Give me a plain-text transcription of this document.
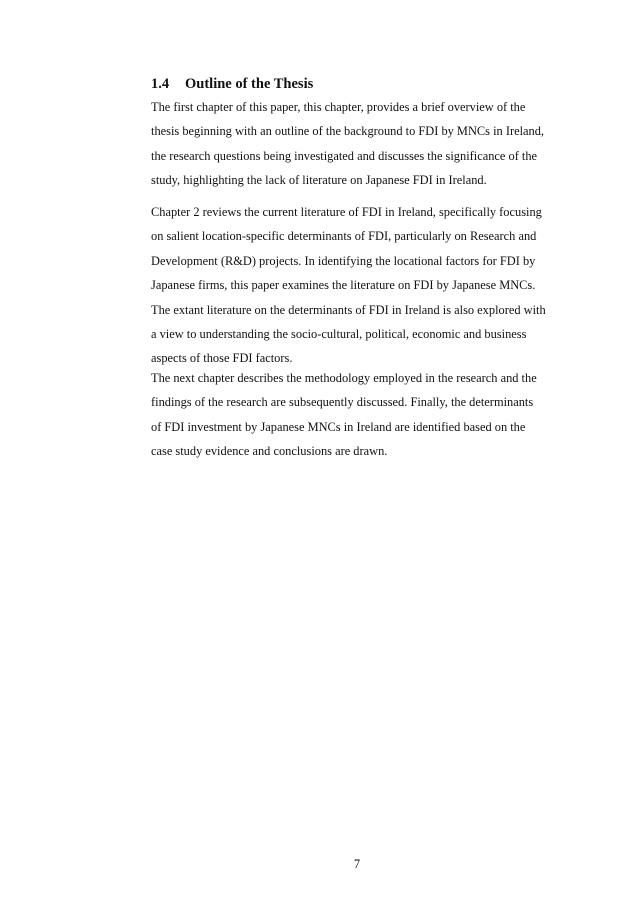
1.4 Outline of the Thesis

The first chapter of this paper, this chapter, provides a brief overview of the
thesis beginning with an outline of the background to FDI by MNCs in Ireland,
the research questions being investigated and discusses the significance of the
study, highlighting the lack of literature on Japanese FDI in Ireland.

Chapter 2 reviews the current literature of FDI in Ireland, specifically focusing
on salient location-specific determinants of FDI, particularly on Research and
Development (R&D) projects. In identifying the locational factors for FDI by
Japanese firms, this paper examines the literature on FDI by Japanese MNCs.
The extant literature on the determinants of FDI in Ireland is also explored with
a view to understanding the socio-cultural, political, economic and business
aspects of those FDI factors.

The next chapter describes the methodology employed in the research and the
findings of the research are subsequently discussed. Finally, the determinants
of FDI investment by Japanese MNCs in Ireland are identified based on the
case study evidence and conclusions are drawn.

7
